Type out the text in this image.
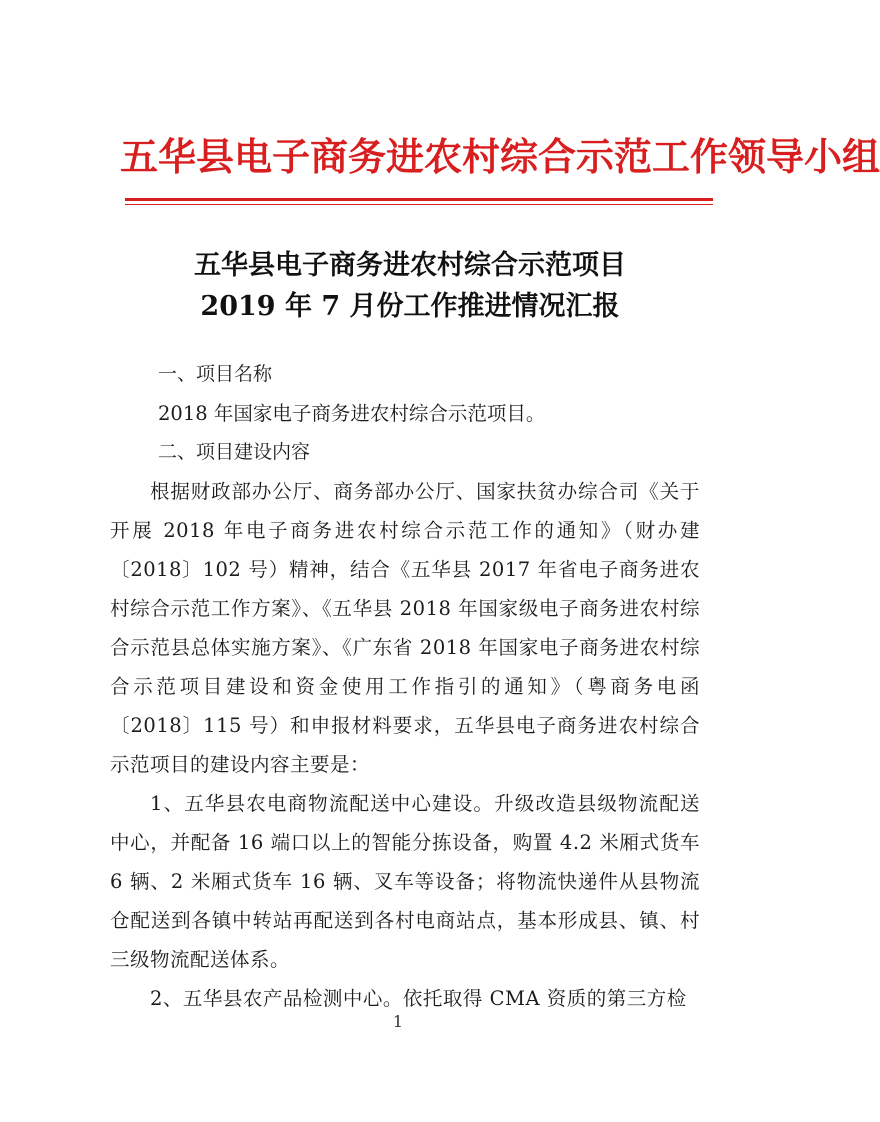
五华县电子商务进农村综合示范工作领导小组
五华县电子商务进农村综合示范项目
2019 年 7 月份工作推进情况汇报

一、项目名称

2018 年国家电子商务进农村综合示范项目。

二、项目建设内容

根据财政部办公厅、商务部办公厅、国家扶贫办综合司《关于开展 2018 年电子商务进农村综合示范工作的通知》（财办建〔2018〕102 号）精神，结合《五华县 2017 年省电子商务进农村综合示范工作方案》、《五华县 2018 年国家级电子商务进农村综合示范县总体实施方案》、《广东省 2018 年国家电子商务进农村综合示范项目建设和资金使用工作指引的通知》（粤商务电函〔2018〕115 号）和申报材料要求，五华县电子商务进农村综合示范项目的建设内容主要是：

1、五华县农电商物流配送中心建设。升级改造县级物流配送中心，并配备 16 端口以上的智能分拣设备，购置 4.2 米厢式货车 6 辆、2 米厢式货车 16 辆、叉车等设备；将物流快递件从县物流仓配送到各镇中转站再配送到各村电商站点，基本形成县、镇、村三级物流配送体系。

2、五华县农产品检测中心。依托取得 CMA 资质的第三方检

1
